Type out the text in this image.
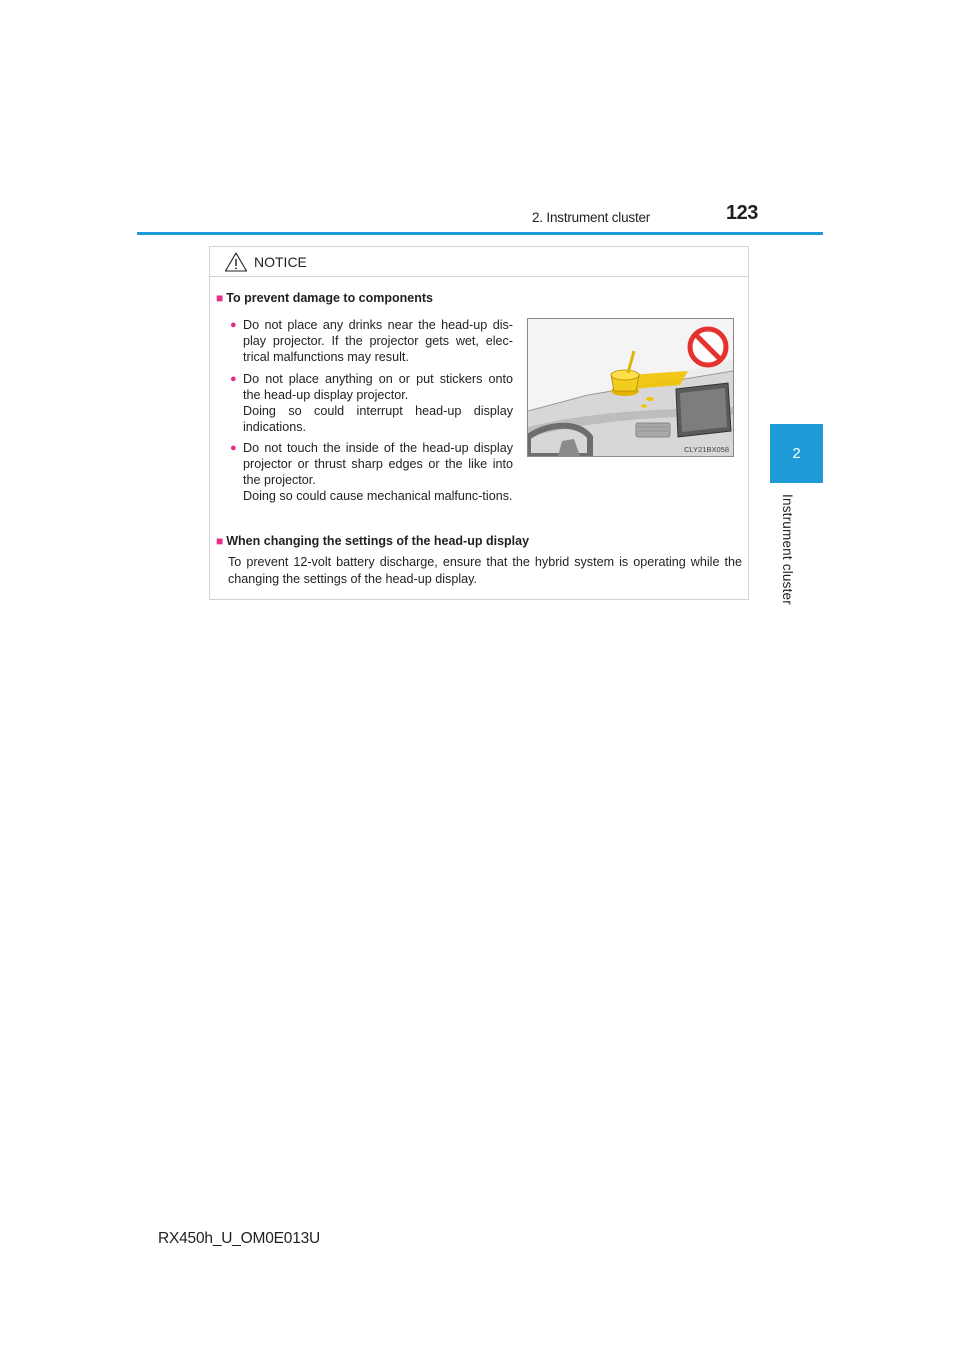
2. Instrument cluster	123
2
Instrument cluster
NOTICE
■ To prevent damage to components
● Do not place any drinks near the head-up dis-play projector. If the projector gets wet, elec-trical malfunctions may result.
● Do not place anything on or put stickers onto the head-up display projector.
Doing so could interrupt head-up display indications.
● Do not touch the inside of the head-up display projector or thrust sharp edges or the like into the projector.
Doing so could cause mechanical malfunc-tions.
CLY21BX058
■ When changing the settings of the head-up display
To prevent 12-volt battery discharge, ensure that the hybrid system is operating while the changing the settings of the head-up display.
RX450h_U_OM0E013U
